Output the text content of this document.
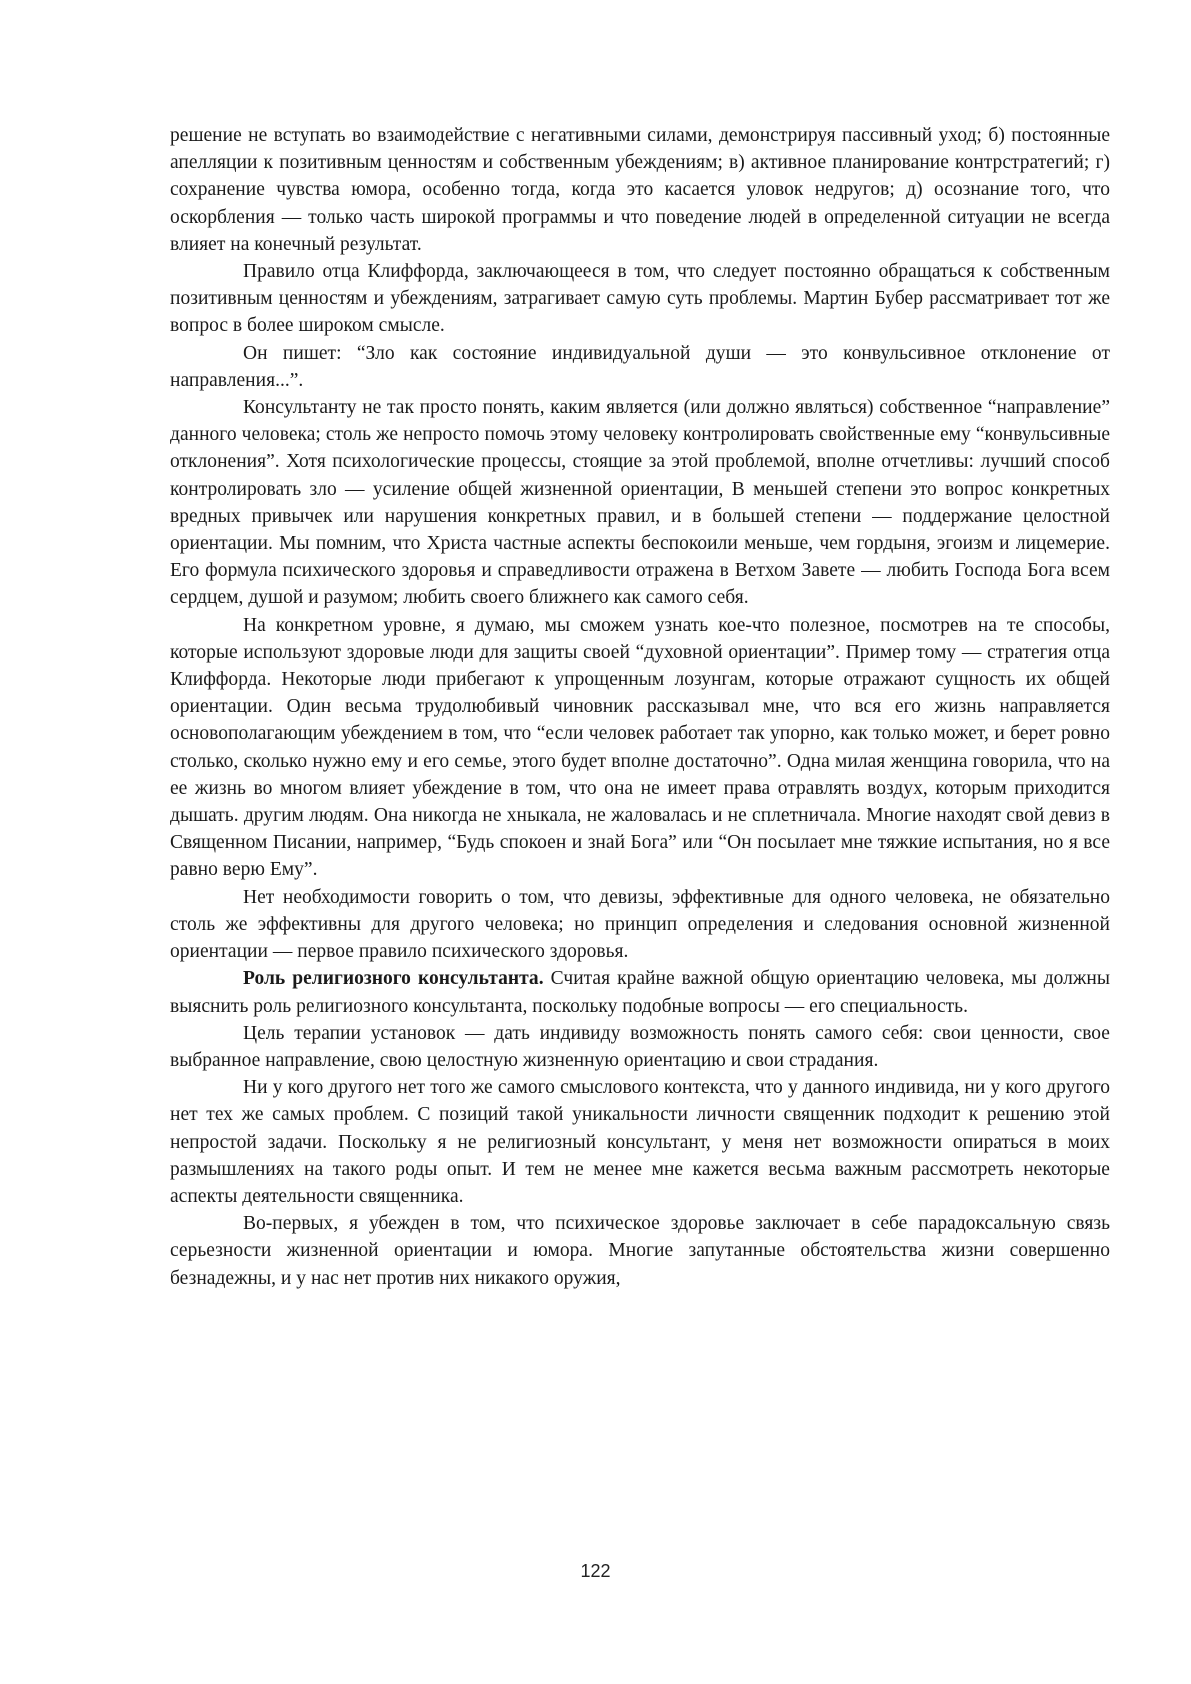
решение не вступать во взаимодействие с негативными силами, демонстрируя пассивный уход; б) постоянные апелляции к позитивным ценностям и собственным убеждениям; в) активное планирование контрстратегий; г) сохранение чувства юмора, особенно тогда, когда это касается уловок недругов; д) осознание того, что оскорбления — только часть широкой программы и что поведение людей в определенной ситуации не всегда влияет на конечный результат.

Правило отца Клиффорда, заключающееся в том, что следует постоянно обращаться к собственным позитивным ценностям и убеждениям, затрагивает самую суть проблемы. Мартин Бубер рассматривает тот же вопрос в более широком смысле.

Он пишет: “Зло как состояние индивидуальной души — это конвульсивное отклонение от направления...”.

Консультанту не так просто понять, каким является (или должно являться) собственное “направление” данного человека; столь же непросто помочь этому человеку контролировать свойственные ему “конвульсивные отклонения”. Хотя психологические процессы, стоящие за этой проблемой, вполне отчетливы: лучший способ контролировать зло — усиление общей жизненной ориентации, В меньшей степени это вопрос конкретных вредных привычек или нарушения конкретных правил, и в большей степени — поддержание целостной ориентации. Мы помним, что Христа частные аспекты беспокоили меньше, чем гордыня, эгоизм и лицемерие. Его формула психического здоровья и справедливости отражена в Ветхом Завете — любить Господа Бога всем сердцем, душой и разумом; любить своего ближнего как самого себя.

На конкретном уровне, я думаю, мы сможем узнать кое-что полезное, посмотрев на те способы, которые используют здоровые люди для защиты своей “духовной ориентации”. Пример тому — стратегия отца Клиффорда. Некоторые люди прибегают к упрощенным лозунгам, которые отражают сущность их общей ориентации. Один весьма трудолюбивый чиновник рассказывал мне, что вся его жизнь направляется основополагающим убеждением в том, что “если человек работает так упорно, как только может, и берет ровно столько, сколько нужно ему и его семье, этого будет вполне достаточно”. Одна милая женщина говорила, что на ее жизнь во многом влияет убеждение в том, что она не имеет права отравлять воздух, которым приходится дышать. другим людям. Она никогда не хныкала, не жаловалась и не сплетничала. Многие находят свой девиз в Священном Писании, например, “Будь спокоен и знай Бога” или “Он посылает мне тяжкие испытания, но я все равно верю Ему”.

Нет необходимости говорить о том, что девизы, эффективные для одного человека, не обязательно столь же эффективны для другого человека; но принцип определения и следования основной жизненной ориентации — первое правило психического здоровья.

Роль религиозного консультанта. Считая крайне важной общую ориентацию человека, мы должны выяснить роль религиозного консультанта, поскольку подобные вопросы — его специальность.

Цель терапии установок — дать индивиду возможность понять самого себя: свои ценности, свое выбранное направление, свою целостную жизненную ориентацию и свои страдания.

Ни у кого другого нет того же самого смыслового контекста, что у данного индивида, ни у кого другого нет тех же самых проблем. С позиций такой уникальности личности священник подходит к решению этой непростой задачи. Поскольку я не религиозный консультант, у меня нет возможности опираться в моих размышлениях на такого роды опыт. И тем не менее мне кажется весьма важным рассмотреть некоторые аспекты деятельности священника.

Во-первых, я убежден в том, что психическое здоровье заключает в себе парадоксальную связь серьезности жизненной ориентации и юмора. Многие запутанные обстоятельства жизни совершенно безнадежны, и у нас нет против них никакого оружия,

122
